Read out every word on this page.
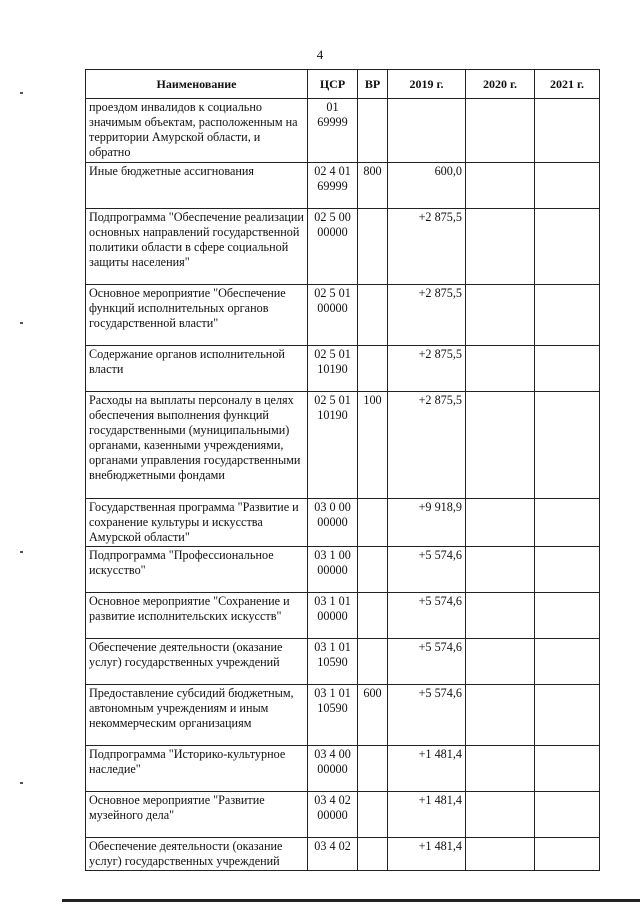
4
Наименование	ЦСР	ВР	2019 г.	2020 г.	2021 г.
проездом инвалидов к социально значимым объектам, расположенным на территории Амурской области, и обратно	01 69999				
Иные бюджетные ассигнования	02 4 01 69999	800	600,0		
Подпрограмма "Обеспечение реализации основных направлений государственной политики области в сфере социальной защиты населения"	02 5 00 00000		+2 875,5		
Основное мероприятие "Обеспечение функций исполнительных органов государственной власти"	02 5 01 00000		+2 875,5		
Содержание органов исполнительной власти	02 5 01 10190		+2 875,5		
Расходы на выплаты персоналу в целях обеспечения выполнения функций государственными (муниципальными) органами, казенными учреждениями, органами управления государственными внебюджетными фондами	02 5 01 10190	100	+2 875,5		
Государственная программа "Развитие и сохранение культуры и искусства Амурской области"	03 0 00 00000		+9 918,9		
Подпрограмма "Профессиональное искусство"	03 1 00 00000		+5 574,6		
Основное мероприятие "Сохранение и развитие исполнительских искусств"	03 1 01 00000		+5 574,6		
Обеспечение деятельности (оказание услуг) государственных учреждений	03 1 01 10590		+5 574,6		
Предоставление субсидий бюджетным, автономным учреждениям и иным некоммерческим организациям	03 1 01 10590	600	+5 574,6		
Подпрограмма "Историко-культурное наследие"	03 4 00 00000		+1 481,4		
Основное мероприятие "Развитие музейного дела"	03 4 02 00000		+1 481,4		
Обеспечение деятельности (оказание услуг) государственных учреждений	03 4 02		+1 481,4		
